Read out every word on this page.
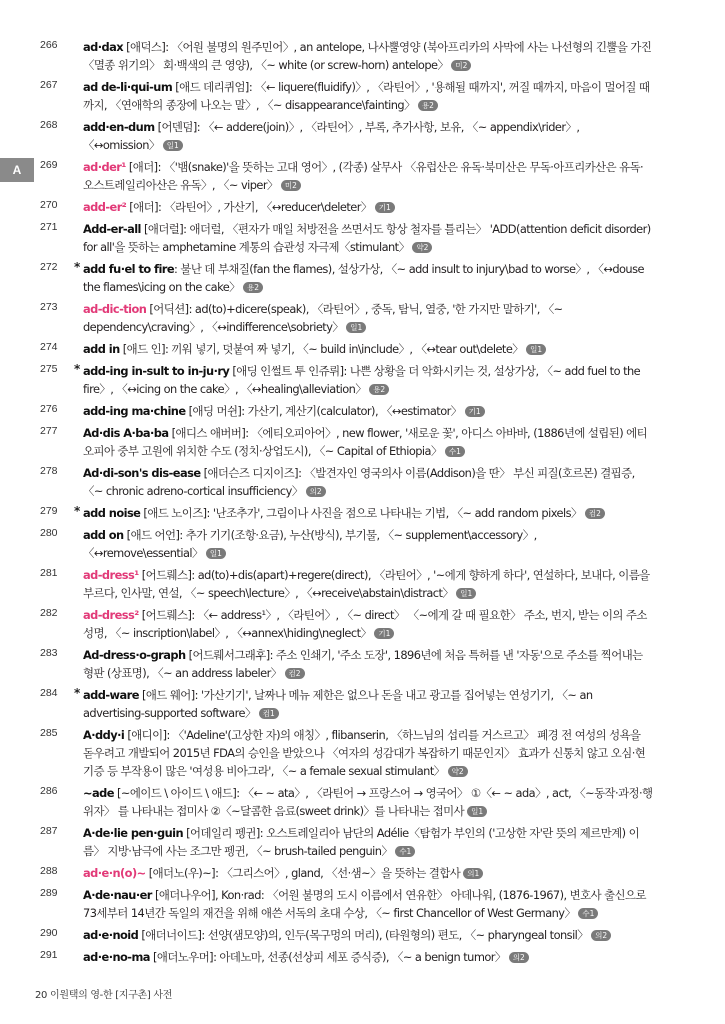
A
266	ad·dax [애덕스]: 〈어원 불명의 원주민어〉, an antelope, 나사뿔영양 (북아프리카의 사막에 사는 나선형의 긴뿔을 가진 〈멸종 위기의〉 회·백색의 큰 영양), 〈~ white (or screw-horn) antelope〉 미2
267	ad de-li·qui-um [애드 데리퀴엄]: 〈← liquere(fluidify)〉, 〈라틴어〉, '용해될 때까지', 꺼질 때까지, 마음이 멀어질 때까지, 〈연애학의 종장에 나오는 말〉, 〈~ disappearance\fainting〉 용2
268	add·en-dum [어덴덤]: 〈← addere(join)〉, 〈라틴어〉, 부록, 추가사항, 보유, 〈~ appendix\rider〉, 〈↔omission〉 일1
269	ad·der¹ [애더]: 〈'뱀(snake)'을 뜻하는 고대 영어〉, (각종) 살무사 〈유럽산은 유독·북미산은 무독·아프리카산은 유독·오스트레일리아산은 유독〉, 〈~ viper〉 미2
270	add-er² [애더]: 〈라틴어〉, 가산기, 〈↔reducer\deleter〉 기1
271	Add-er-all [애더럴]: 애더럴, 〈편자가 매일 처방전을 쓰면서도 항상 철자를 틀리는〉 'ADD(attention deficit disorder) for all'을 뜻하는 amphetamine 계통의 습관성 자극제〈stimulant〉 약2
272	* add fu·el to fire: 불난 데 부채질(fan the flames), 설상가상, 〈~ add insult to injury\bad to worse〉, 〈↔douse the flames\icing on the cake〉 용2
273	ad-dic-tion [어딕션]: ad(to)+dicere(speak), 〈라틴어〉, 중독, 탐닉, 열중, '한 가지만 말하기', 〈~ dependency\craving〉, 〈↔indifference\sobriety〉 일1
274	add in [애드 인]: 끼워 넣기, 덧붙여 짜 넣기, 〈~ build in\include〉, 〈↔tear out\delete〉 일1
275	* add-ing in-sult to in-ju·ry [애딩 인썰트 투 인쥬뤼]: 나쁜 상황을 더 악화시키는 것, 설상가상, 〈~ add fuel to the fire〉, 〈↔icing on the cake〉, 〈↔healing\alleviation〉 용2
276	add-ing ma·chine [애딩 머쉰]: 가산기, 계산기(calculator), 〈↔estimator〉 기1
277	Ad·dis A·ba·ba [애디스 애버버]: 〈에티오피아어〉, new flower, '새로운 꽃', 아디스 아바바, (1886년에 설립된) 에티오피아 중부 고원에 위치한 수도 (정치·상업도시), 〈~ Capital of Ethiopia〉 수1
278	Ad·di-son's dis-ease [애더슨즈 디지이즈]: 〈발견자인 영국의사 이름(Addison)을 딴〉 부신 피질(호르몬) 결핍증, 〈~ chronic adreno-cortical insufficiency〉 의2
279	* add noise [애드 노이즈]: '난조추가', 그림이나 사진을 점으로 나타내는 기법, 〈~ add random pixels〉 컴2
280	add on [애드 어언]: 추가 기기(조항·요금), 누산(방식), 부기물, 〈~ supplement\accessory〉, 〈↔remove\essential〉 일1
281	ad-dress¹ [어드뤠스]: ad(to)+dis(apart)+regere(direct), 〈라틴어〉, '~에게 향하게 하다', 연설하다, 보내다, 이름을 부르다, 인사말, 연설, 〈~ speech\lecture〉, 〈↔receive\abstain\distract〉 일1
282	ad-dress² [어드뤠스]: 〈← address¹〉, 〈라틴어〉, 〈~ direct〉 〈~에게 갈 때 필요한〉 주소, 번지, 받는 이의 주소 성명, 〈~ inscription\label〉, 〈↔annex\hiding\neglect〉 기1
283	Ad-dress·o-graph [어드뤠서그래후]: 주소 인쇄기, '주소 도장', 1896년에 처음 특허를 낸 '자동'으로 주소를 찍어내는 형판 (상표명), 〈~ an address labeler〉 컴2
284	* add-ware [애드 웨어]: '가산기기', 날짜나 메뉴 제한은 없으나 돈을 내고 광고를 집어넣는 연성기기, 〈~ an advertising-supported software〉 컴1
285	A·ddy·i [애디이]: 〈'Adeline'(고상한 자)의 애칭〉, flibanserin, 〈하느님의 섭리를 거스르고〉 폐경 전 여성의 성욕을 돋우려고 개발되어 2015년 FDA의 승인을 받았으나 〈여자의 성감대가 복잡하기 때문인지〉 효과가 신통치 않고 오심·현기증 등 부작용이 많은 '여성용 비아그라', 〈~ a female sexual stimulant〉 약2
286	~ade [~에이드 \ 아이드 \ 애드]: 〈← ~ ata〉, 〈라틴어 → 프랑스어 → 영국어〉 ①〈← ~ ada〉, act, 〈~동작·과정·행위자〉 를 나타내는 접미사 ②〈~달콤한 음료(sweet drink)〉를 나타내는 접미사 일1
287	A·de·lie pen·guin [어데일리 펭귄]: 오스트레일리아 남단의 Adélie〈탐험가 부인의 ('고상한 자'란 뜻의 제르만계) 이름〉 지방·남극에 사는 조그만 펭귄, 〈~ brush-tailed penguin〉 수1
288	ad·e·n(o)~ [애더노(우)~]: 〈그리스어〉, gland, 〈선·샘~〉을 뜻하는 결합사 의1
289	A·de·nau·er [애더나우어], Kon·rad: 〈어원 불명의 도시 이름에서 연유한〉 아데나워, (1876-1967), 변호사 출신으로 73세부터 14년간 독일의 재건을 위해 애쓴 서독의 초대 수상, 〈~ first Chancellor of West Germany〉 수1
290	ad·e·noid [애더너이드]: 선양(샘모양)의, 인두(목구멍의 머리), (타원형의) 편도, 〈~ pharyngeal tonsil〉 의2
291	ad·e·no-ma [애더노우머]: 아데노마, 선종(선상피 세포 증식증), 〈~ a benign tumor〉 의2
20 이원택의 영-한 [지구촌] 사전
